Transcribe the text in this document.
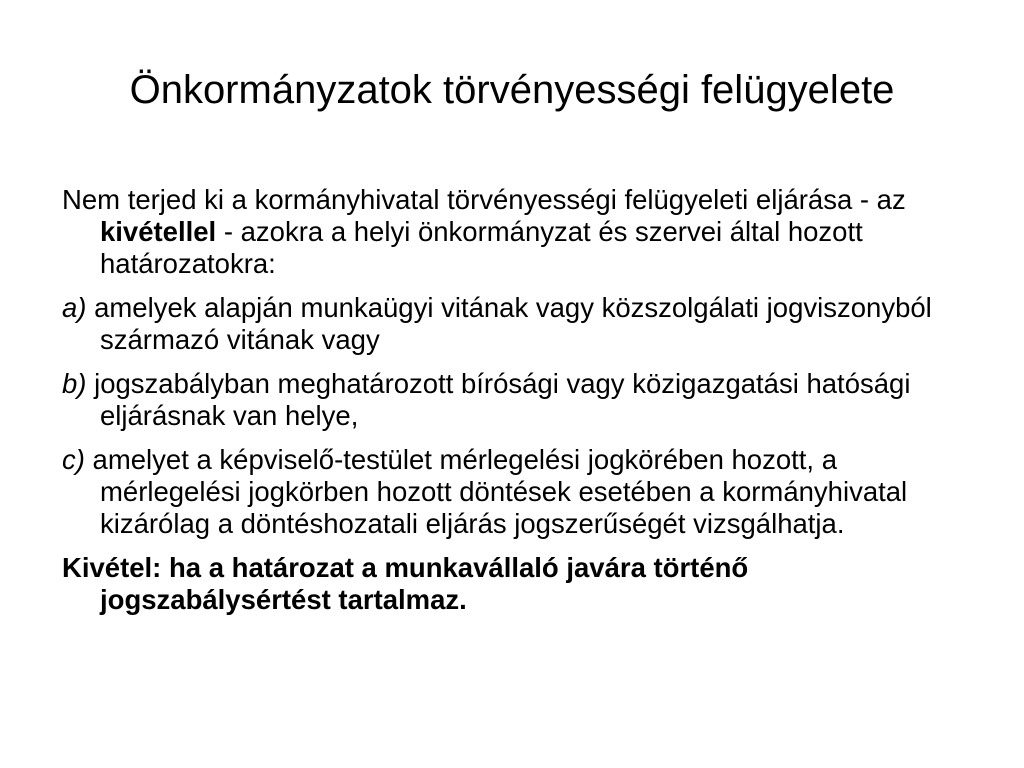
Önkormányzatok törvényességi felügyelete

Nem terjed ki a kormányhivatal törvényességi felügyeleti eljárása - az kivétellel - azokra a helyi önkormányzat és szervei által hozott határozatokra:

a) amelyek alapján munkaügyi vitának vagy közszolgálati jogviszonyból származó vitának vagy

b) jogszabályban meghatározott bírósági vagy közigazgatási hatósági eljárásnak van helye,

c) amelyet a képviselő-testület mérlegelési jogkörében hozott, a mérlegelési jogkörben hozott döntések esetében a kormányhivatal kizárólag a döntéshozatali eljárás jogszerűségét vizsgálhatja.

Kivétel: ha a határozat a munkavállaló javára történő jogszabálysértést tartalmaz.
